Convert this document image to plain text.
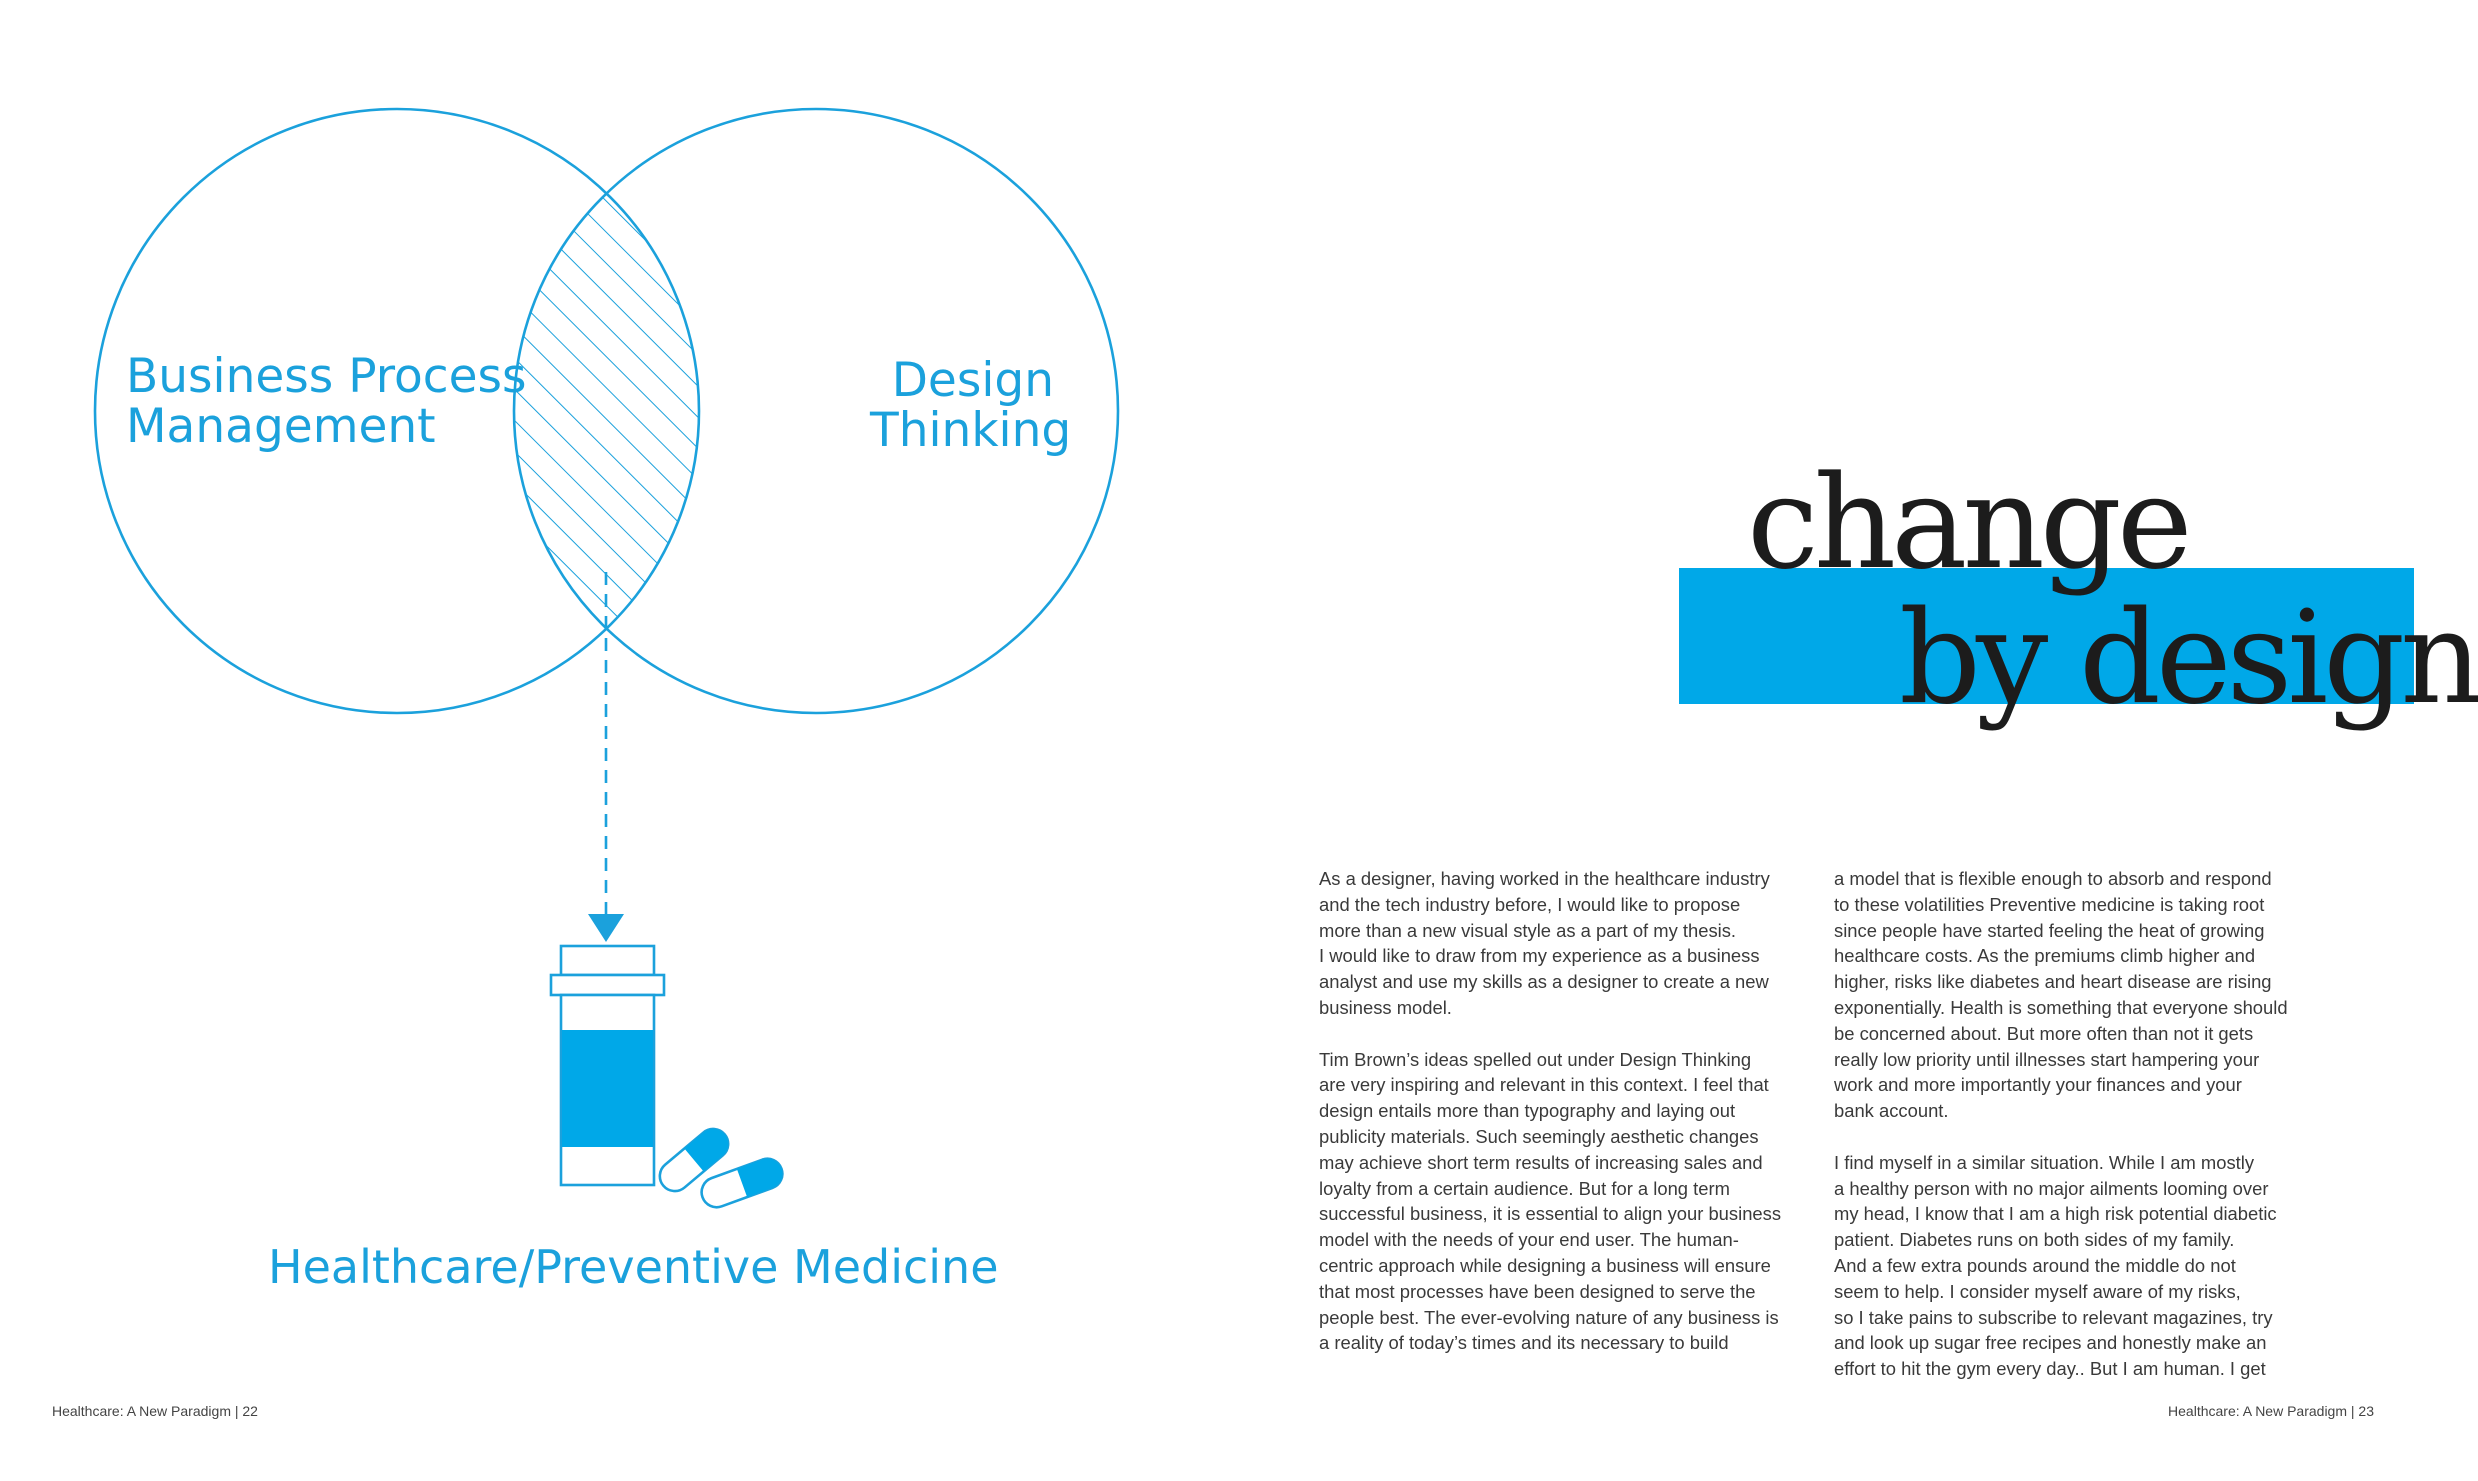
Business Process
Management
Design
Thinking
Healthcare/Preventive Medicine
Healthcare: A New Paradigm | 22
change
by design

As a designer, having worked in the healthcare industry
and the tech industry before, I would like to propose
more than a new visual style as a part of my thesis.
I would like to draw from my experience as a business
analyst and use my skills as a designer to create a new
business model.

Tim Brown’s ideas spelled out under Design Thinking
are very inspiring and relevant in this context. I feel that
design entails more than typography and laying out
publicity materials. Such seemingly aesthetic changes
may achieve short term results of increasing sales and
loyalty from a certain audience. But for a long term
successful business, it is essential to align your business
model with the needs of your end user. The human-
centric approach while designing a business will ensure
that most processes have been designed to serve the
people best. The ever-evolving nature of any business is
a reality of today’s times and its necessary to build

a model that is flexible enough to absorb and respond
to these volatilities Preventive medicine is taking root
since people have started feeling the heat of growing
healthcare costs. As the premiums climb higher and
higher, risks like diabetes and heart disease are rising
exponentially. Health is something that everyone should
be concerned about. But more often than not it gets
really low priority until illnesses start hampering your
work and more importantly your finances and your
bank account.

I find myself in a similar situation. While I am mostly
a healthy person with no major ailments looming over
my head, I know that I am a high risk potential diabetic
patient. Diabetes runs on both sides of my family.
And a few extra pounds around the middle do not
seem to help. I consider myself aware of my risks,
so I take pains to subscribe to relevant magazines, try
and look up sugar free recipes and honestly make an
effort to hit the gym every day.. But I am human. I get

Healthcare: A New Paradigm | 23
